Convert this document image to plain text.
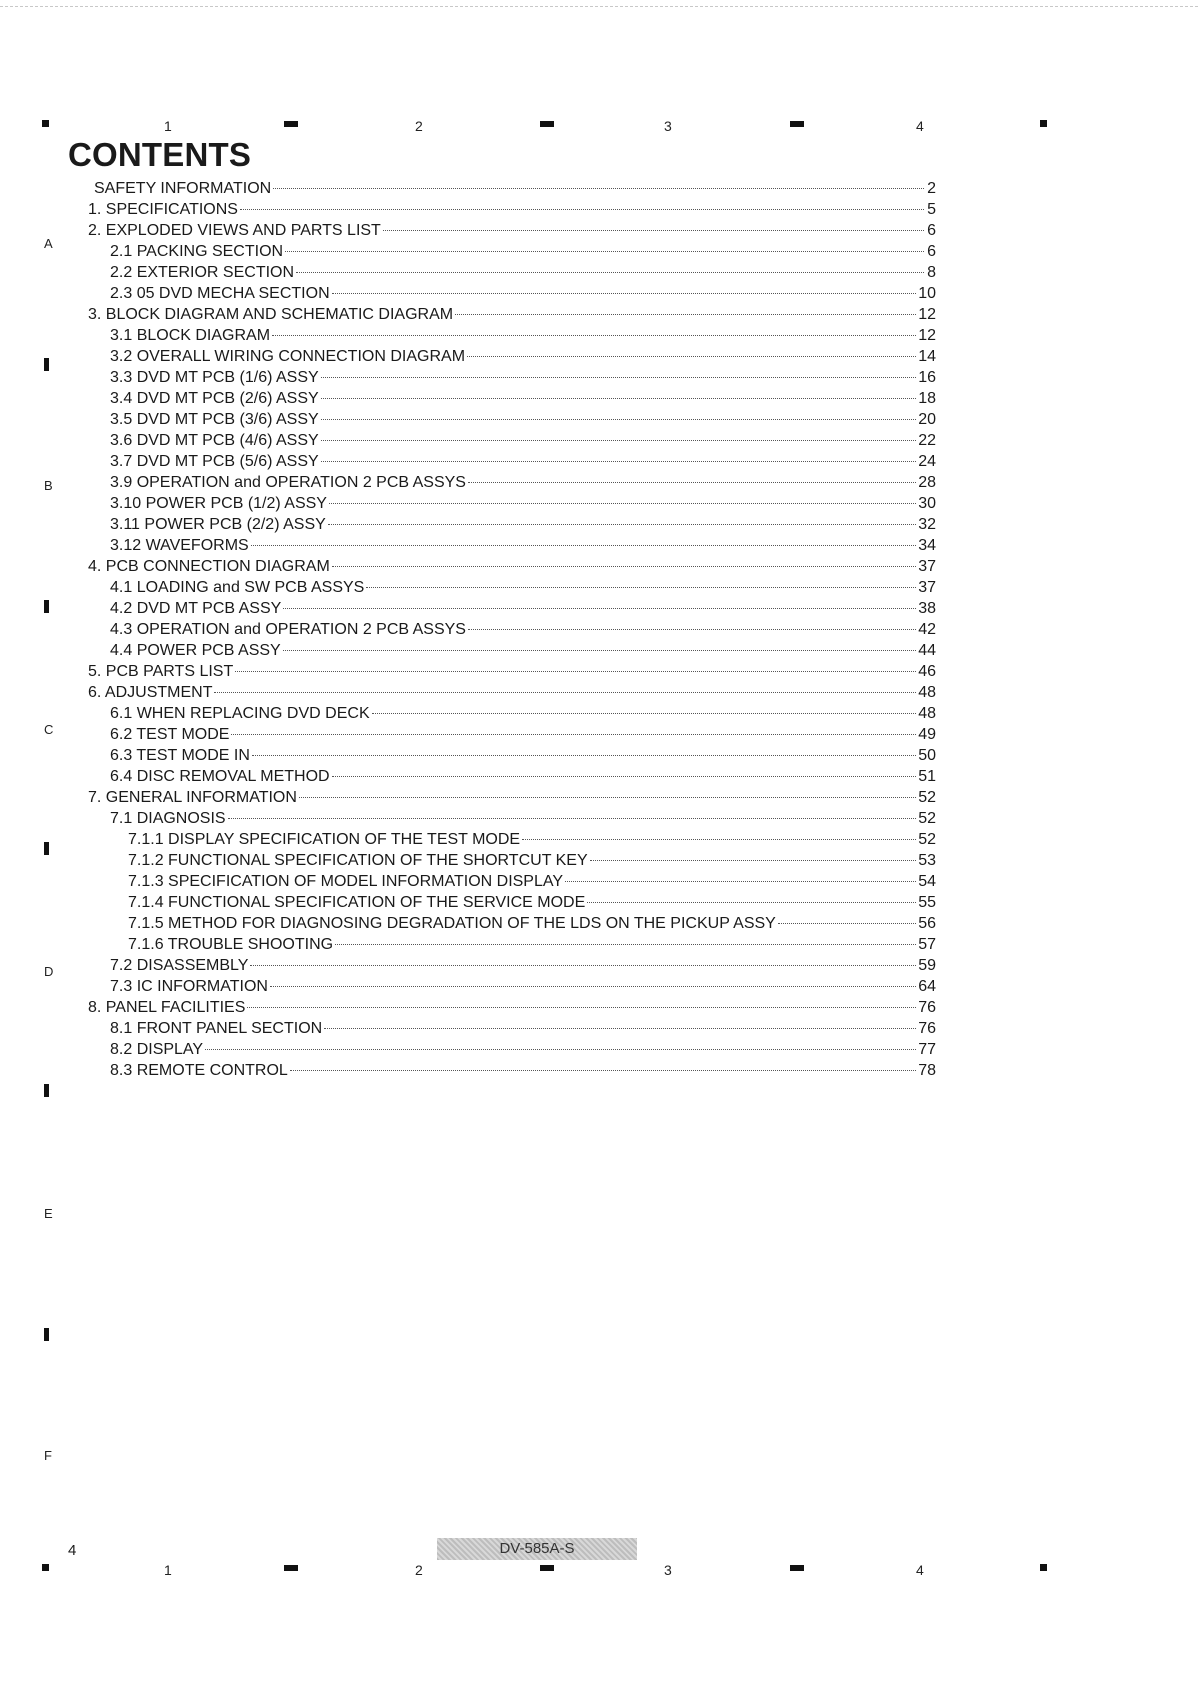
1	2	3	4
A
B
C
D
E
F
CONTENTS
SAFETY INFORMATION	2
1. SPECIFICATIONS	5
2. EXPLODED VIEWS AND PARTS LIST	6
2.1 PACKING SECTION	6
2.2 EXTERIOR SECTION	8
2.3 05 DVD MECHA SECTION	10
3. BLOCK DIAGRAM AND SCHEMATIC DIAGRAM	12
3.1 BLOCK DIAGRAM	12
3.2 OVERALL WIRING CONNECTION DIAGRAM	14
3.3 DVD MT PCB (1/6) ASSY	16
3.4 DVD MT PCB (2/6) ASSY	18
3.5 DVD MT PCB (3/6) ASSY	20
3.6 DVD MT PCB (4/6) ASSY	22
3.7 DVD MT PCB (5/6) ASSY	24
3.9 OPERATION and OPERATION 2 PCB ASSYS	28
3.10 POWER PCB (1/2) ASSY	30
3.11 POWER PCB (2/2) ASSY	32
3.12 WAVEFORMS	34
4. PCB CONNECTION DIAGRAM	37
4.1 LOADING and SW PCB ASSYS	37
4.2 DVD MT PCB ASSY	38
4.3 OPERATION and OPERATION 2 PCB ASSYS	42
4.4 POWER PCB ASSY	44
5. PCB PARTS LIST	46
6. ADJUSTMENT	48
6.1 WHEN REPLACING DVD DECK	48
6.2 TEST MODE	49
6.3 TEST MODE IN	50
6.4 DISC REMOVAL METHOD	51
7. GENERAL INFORMATION	52
7.1 DIAGNOSIS	52
7.1.1 DISPLAY SPECIFICATION OF THE TEST MODE	52
7.1.2 FUNCTIONAL SPECIFICATION OF THE SHORTCUT KEY	53
7.1.3 SPECIFICATION OF MODEL INFORMATION DISPLAY	54
7.1.4 FUNCTIONAL SPECIFICATION OF THE SERVICE MODE	55
7.1.5 METHOD FOR DIAGNOSING DEGRADATION OF THE LDS ON THE PICKUP ASSY	56
7.1.6 TROUBLE SHOOTING	57
7.2 DISASSEMBLY	59
7.3 IC INFORMATION	64
8. PANEL FACILITIES	76
8.1 FRONT PANEL SECTION	76
8.2 DISPLAY	77
8.3 REMOTE CONTROL	78
4	DV-585A-S
1	2	3	4
